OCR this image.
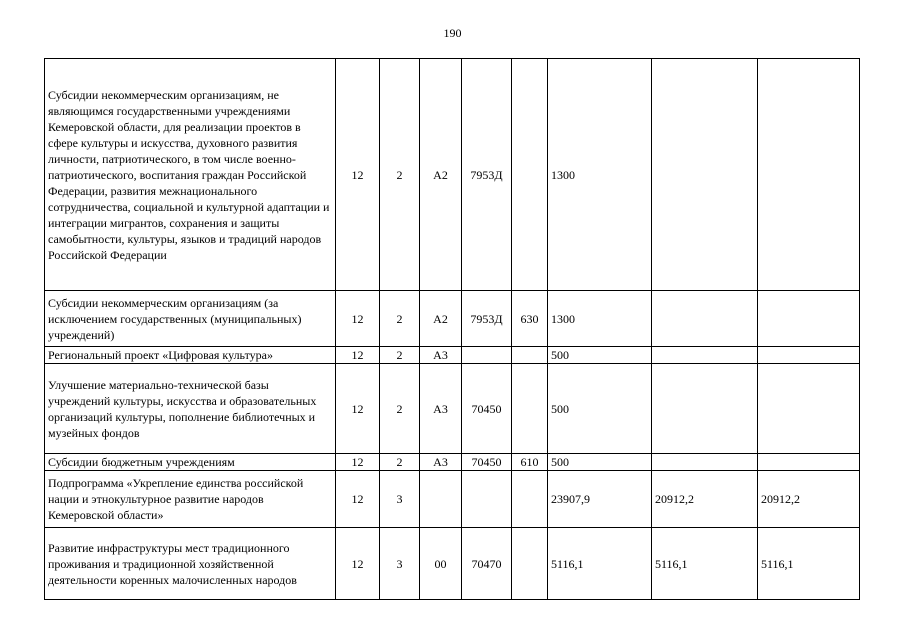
190
Субсидии некоммерческим организациям, не являющимся государственными учреждениями Кемеровской области, для реализации проектов в сфере культуры и искусства, духовного развития личности, патриотического, в том числе военно-патриотического, воспитания граждан Российской Федерации, развития межнационального сотрудничества, социальной и культурной адаптации и интеграции мигрантов, сохранения и защиты самобытности, культуры, языков и традиций народов Российской Федерации	12	2	А2	7953Д		1300		
Субсидии некоммерческим организациям (за исключением государственных (муниципальных) учреждений)	12	2	А2	7953Д	630	1300		
Региональный проект «Цифровая культура»	12	2	А3			500		
Улучшение материально-технической базы учреждений культуры, искусства и образовательных организаций культуры, пополнение библиотечных и музейных фондов	12	2	А3	70450		500		
Субсидии бюджетным учреждениям	12	2	А3	70450	610	500		
Подпрограмма «Укрепление единства российской нации и этнокультурное развитие народов Кемеровской области»	12	3				23907,9	20912,2	20912,2
Развитие инфраструктуры мест традиционного проживания и традиционной хозяйственной деятельности коренных малочисленных народов	12	3	00	70470		5116,1	5116,1	5116,1
